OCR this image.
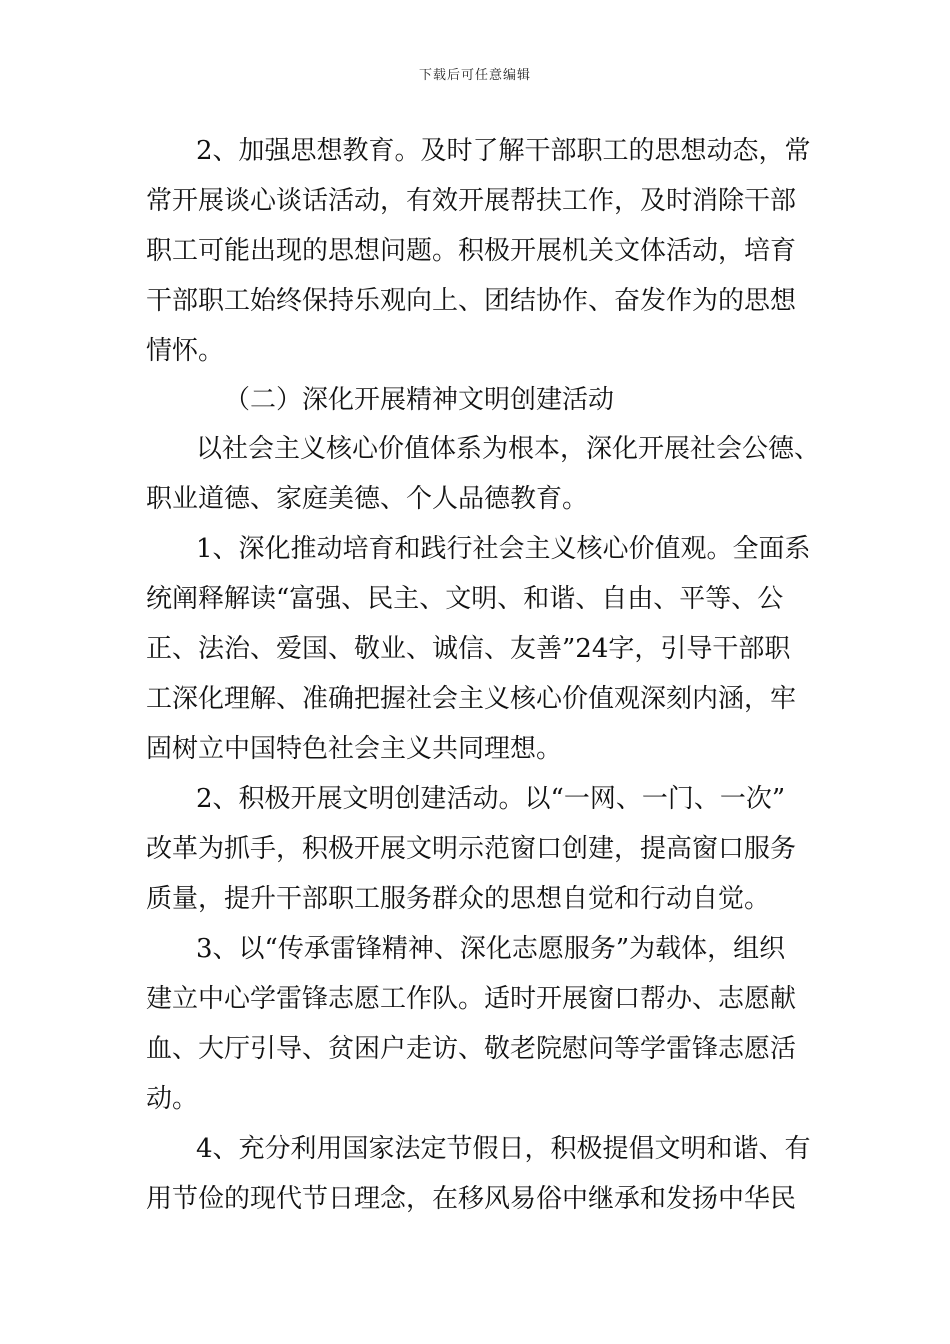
下载后可任意编辑
2、加强思想教育。及时了解干部职工的思想动态，常
常开展谈心谈话活动，有效开展帮扶工作，及时消除干部
职工可能出现的思想问题。积极开展机关文体活动，培育
干部职工始终保持乐观向上、团结协作、奋发作为的思想
情怀。
（二）深化开展精神文明创建活动
以社会主义核心价值体系为根本，深化开展社会公德、
职业道德、家庭美德、个人品德教育。
1、深化推动培育和践行社会主义核心价值观。全面系
统阐释解读“富强、民主、文明、和谐、自由、平等、公
正、法治、爱国、敬业、诚信、友善”24字，引导干部职
工深化理解、准确把握社会主义核心价值观深刻内涵，牢
固树立中国特色社会主义共同理想。
2、积极开展文明创建活动。以“一网、一门、一次”
改革为抓手，积极开展文明示范窗口创建，提高窗口服务
质量，提升干部职工服务群众的思想自觉和行动自觉。
3、以“传承雷锋精神、深化志愿服务”为载体，组织
建立中心学雷锋志愿工作队。适时开展窗口帮办、志愿献
血、大厅引导、贫困户走访、敬老院慰问等学雷锋志愿活
动。
4、充分利用国家法定节假日，积极提倡文明和谐、有
用节俭的现代节日理念，在移风易俗中继承和发扬中华民
